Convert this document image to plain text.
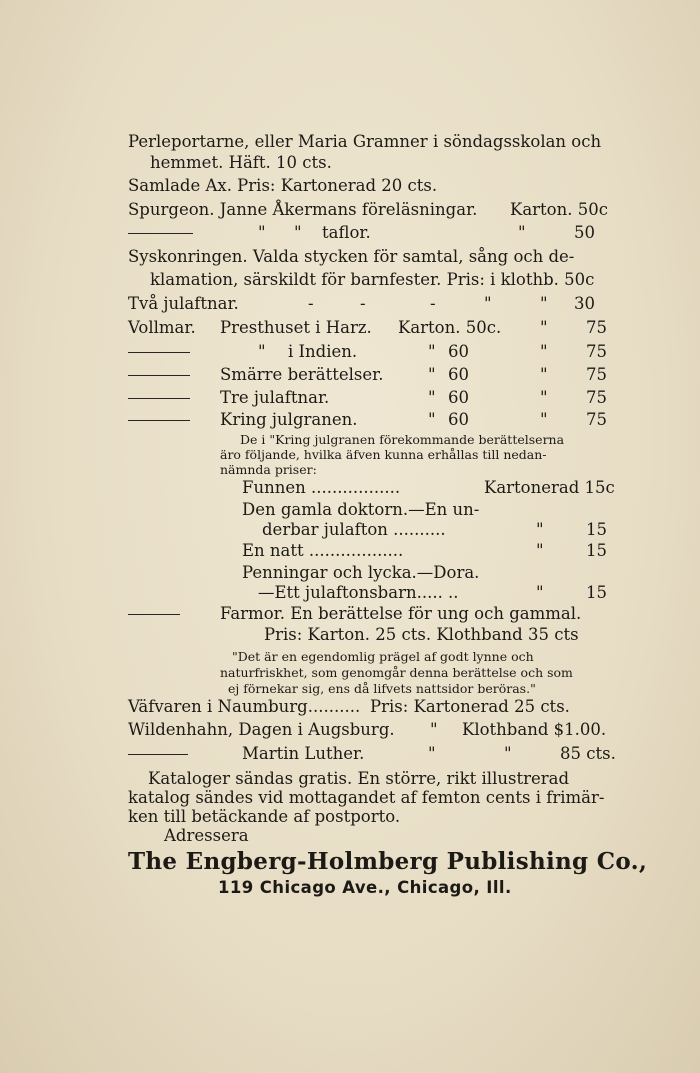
Perleportarne, eller Maria Gramner i söndagsskolan och
hemmet. Häft. 10 cts.
Samlade Ax. Pris: Kartonerad 20 cts.
Spurgeon. Janne Åkermans föreläsningar. Karton. 50c
" " taflor.	"	50
Syskonringen. Valda stycken för samtal, sång och de-
klamation, särskildt för barnfester. Pris: i klothb. 50c
Två julaftnar.	-	-	-	"	" 30
Vollmar. Presthuset i Harz. Karton. 50c. " 75
" i Indien.	" 60	" 75
Smärre berättelser.	" 60	" 75
Tre julaftnar.	" 60	" 75
Kring julgranen.	" 60	" 75
De i "Kring julgranen förekommande berättelserna
äro följande, hvilka äfven kunna erhållas till nedan-
nämnda priser:
Funnen .................	Kartonerad 15c
Den gamla doktorn.—En un-
derbar julafton ..........	"	15
En natt ..................	"	15
Penningar och lycka.—Dora.
—Ett julaftonsbarn..... ..	"	15
Farmor. En berättelse för ung och gammal.
Pris: Karton. 25 cts. Klothband 35 cts
"Det är en egendomlig prägel af godt lynne och
naturfriskhet, som genomgår denna berättelse och som
ej förnekar sig, ens då lifvets nattsidor beröras."
Väfvaren i Naumburg.......... Pris: Kartonerad 25 cts.
Wildenhahn, Dagen i Augsburg. " Klothband $1.00.
Martin Luther.	"	"	85 cts.
Kataloger sändas gratis. En större, rikt illustrerad
katalog sändes vid mottagandet af femton cents i frimär-
ken till betäckande af postporto.
Adressera
The Engberg-Holmberg Publishing Co.,
119 Chicago Ave., Chicago, Ill.
